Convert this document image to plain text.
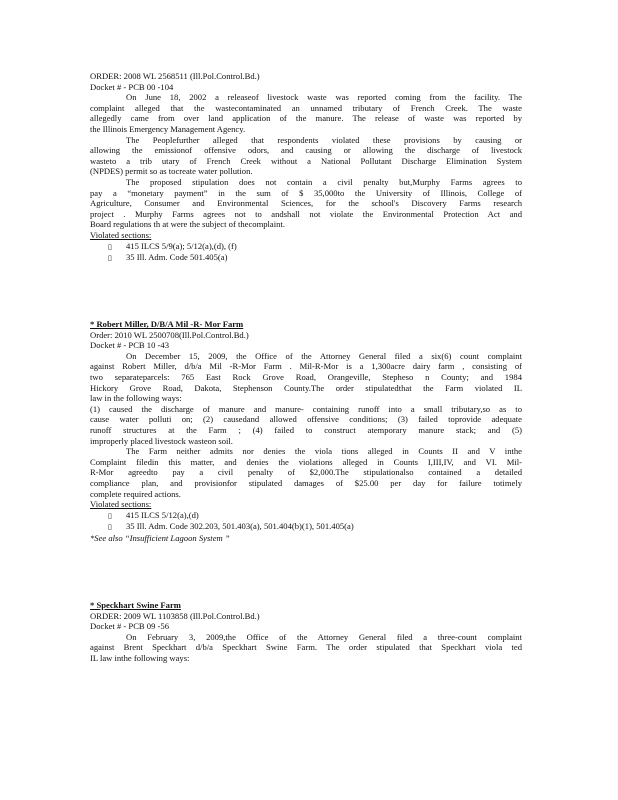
ORDER: 2008 WL 2568511 (Ill.Pol.Control.Bd.)
Docket # - PCB 00 -104
On June 18, 2002 a releaseof livestock waste was reported coming from the facility. The
complaint alleged that the wastecontaminated an unnamed tributary of French Creek. The waste
allegedly came from over land application of the manure. The release of waste was reported by
the Illinois Emergency Management Agency.
The Peoplefurther alleged that respondents violated these provisions by causing or
allowing the emissionof offensive odors, and causing or allowing the discharge of livestock
wasteto a trib utary of French Creek without a National Pollutant Discharge Elimination System
(NPDES) permit so as tocreate water pollution.
The proposed stipulation does not contain a civil penalty but,Murphy Farms agrees to
pay a “monetary payment” in the sum of $ 35,000to the University of Illinois, College of
Agriculture, Consumer and Environmental Sciences, for the school's Discovery Farms research
project . Murphy Farms agrees not to andshall not violate the Environmental Protection Act and
Board regulations th at were the subject of thecomplaint.
Violated sections:
▯ 415 ILCS 5/9(a); 5/12(a),(d), (f)
▯ 35 Ill. Adm. Code 501.405(a)
* Robert Miller, D/B/A Mil -R- Mor Farm
Order: 2010 WL 2500708(Ill.Pol.Control.Bd.)
Docket # - PCB 10 -43
On December 15, 2009, the Office of the Attorney General filed a six(6) count complaint
against Robert Miller, d/b/a Mil -R-Mor Farm . Mil-R-Mor is a 1,300acre dairy farm , consisting of
two separateparcels: 765 East Rock Grove Road, Orangeville, Stepheso n County; and 1984
Hickory Grove Road, Dakota, Stephenson County.The order stipulatedthat the Farm violated IL
law in the following ways:
(1) caused the discharge of manure and manure- containing runoff into a small tributary,so as to
cause water polluti on; (2) causedand allowed offensive conditions; (3) failed toprovide adequate
runoff structures at the Farm ; (4) failed to construct atemporary manure stack; and (5)
improperly placed livestock wasteon soil.
The Farm neither admits nor denies the viola tions alleged in Counts II and V inthe
Complaint filedin this matter, and denies the violations alleged in Counts I,III,IV, and VI. Mil-
R-Mor agreedto pay a civil penalty of $2,000.The stipulationalso contained a detailed
compliance plan, and provisionfor stipulated damages of $25.00 per day for failure totimely
complete required actions.
Violated sections:
▯ 415 ILCS 5/12(a),(d)
▯ 35 Ill. Adm. Code 302.203, 501.403(a), 501.404(b)(1), 501.405(a)
*See also “Insufficient Lagoon System ”
* Speckhart Swine Farm
ORDER: 2009 WL 1103858 (Ill.Pol.Control.Bd.)
Docket # - PCB 09 -56
On February 3, 2009,the Office of the Attorney General filed a three-count complaint
against Brent Speckhart d/b/a Speckhart Swine Farm. The order stipulated that Speckhart viola ted
IL law inthe following ways:
